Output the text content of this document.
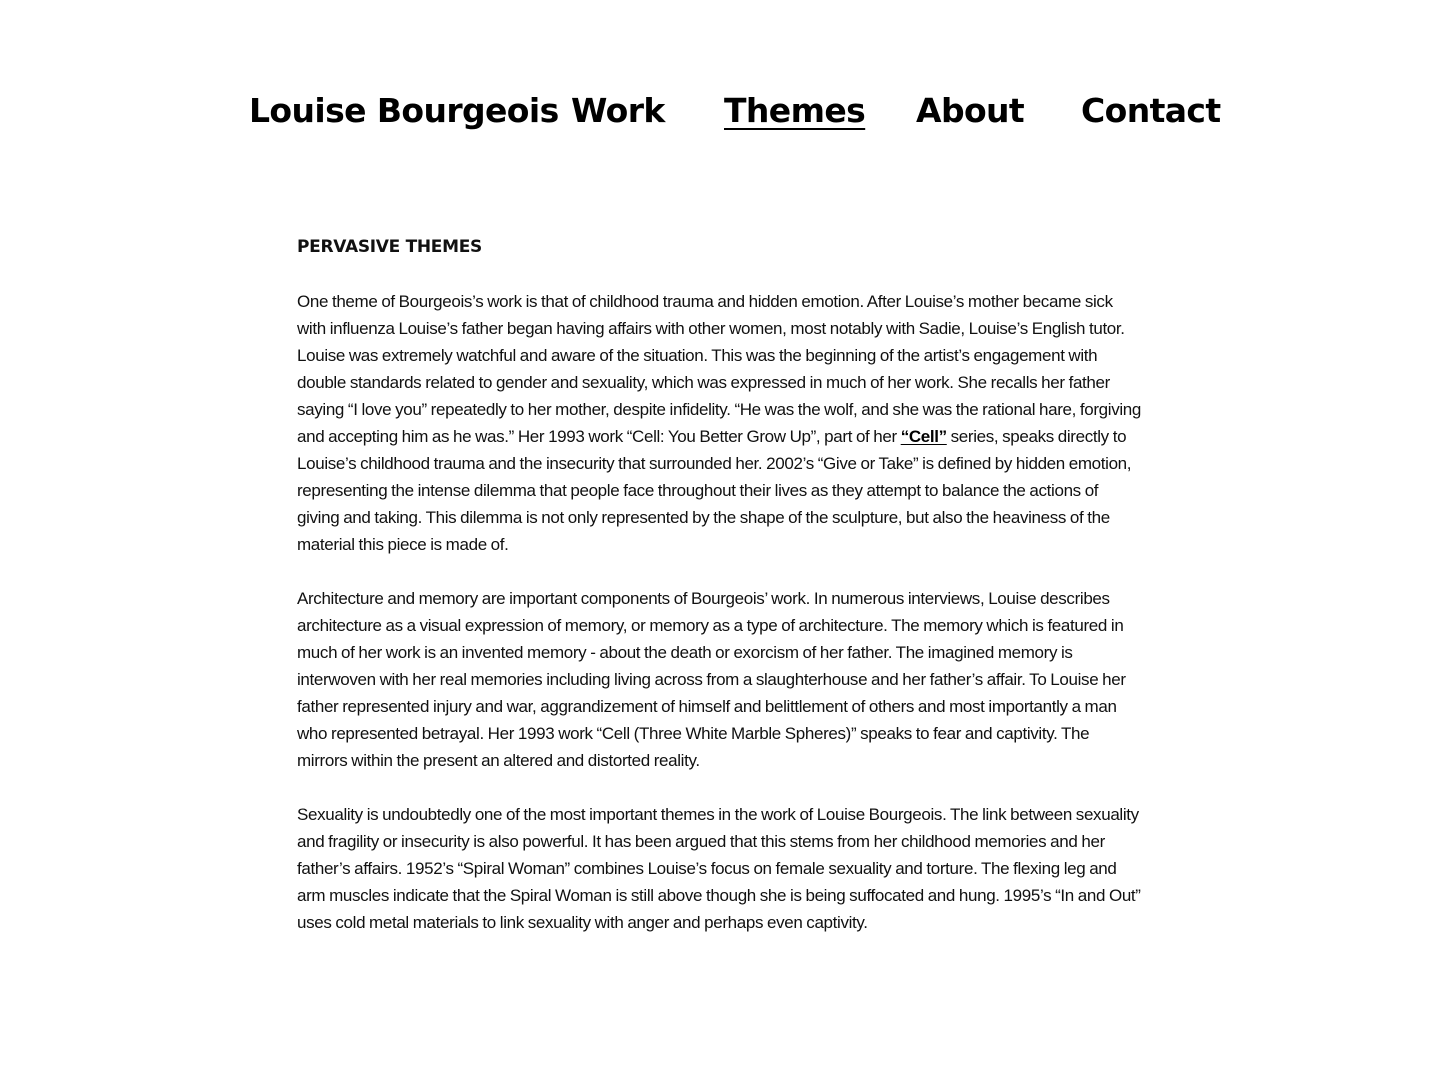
Louise Bourgeois Work Themes About Contact
PERVASIVE THEMES

One theme of Bourgeois’s work is that of childhood trauma and hidden emotion. After Louise’s mother became sick with influenza Louise’s father began having affairs with other women, most notably with Sadie, Louise’s English tutor. Louise was extremely watchful and aware of the situation. This was the beginning of the artist’s engagement with double standards related to gender and sexuality, which was expressed in much of her work. She recalls her father saying “I love you” repeatedly to her mother, despite infidelity. “He was the wolf, and she was the rational hare, forgiving and accepting him as he was.” Her 1993 work “Cell: You Better Grow Up”, part of her “Cell” series, speaks directly to Louise’s childhood trauma and the insecurity that surrounded her. 2002’s “Give or Take” is defined by hidden emotion, representing the intense dilemma that people face throughout their lives as they attempt to balance the actions of giving and taking. This dilemma is not only represented by the shape of the sculpture, but also the heaviness of the material this piece is made of.

Architecture and memory are important components of Bourgeois’ work. In numerous interviews, Louise describes architecture as a visual expression of memory, or memory as a type of architecture. The memory which is featured in much of her work is an invented memory - about the death or exorcism of her father. The imagined memory is interwoven with her real memories including living across from a slaughterhouse and her father’s affair. To Louise her father represented injury and war, aggrandizement of himself and belittlement of others and most importantly a man who represented betrayal. Her 1993 work “Cell (Three White Marble Spheres)” speaks to fear and captivity. The mirrors within the present an altered and distorted reality.

Sexuality is undoubtedly one of the most important themes in the work of Louise Bourgeois. The link between sexuality and fragility or insecurity is also powerful. It has been argued that this stems from her childhood memories and her father’s affairs. 1952’s “Spiral Woman” combines Louise’s focus on female sexuality and torture. The flexing leg and arm muscles indicate that the Spiral Woman is still above though she is being suffocated and hung. 1995’s “In and Out” uses cold metal materials to link sexuality with anger and perhaps even captivity.
